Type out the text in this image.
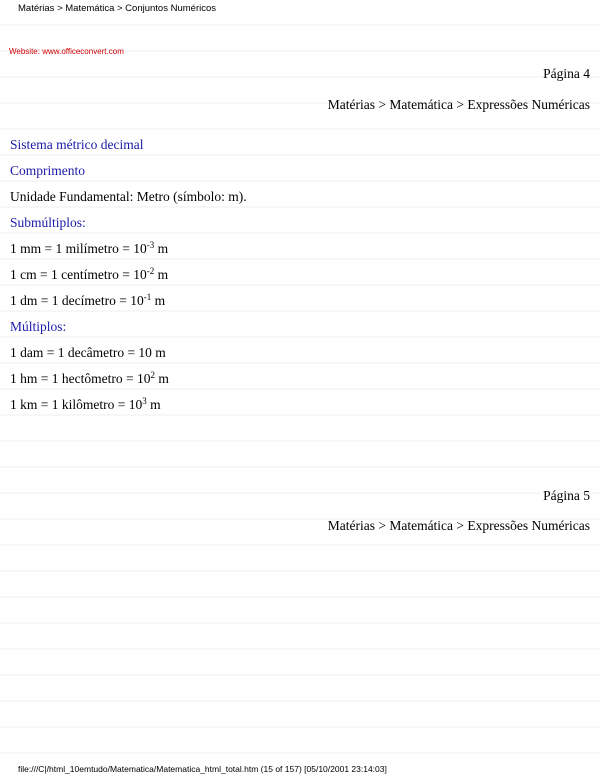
Matérias > Matemática > Conjuntos Numéricos
Website: www.officeconvert.com
Página 4
Matérias > Matemática > Expressões Numéricas
Sistema métrico decimal
Comprimento
Unidade Fundamental: Metro (símbolo: m).
Submúltiplos:
1 mm = 1 milímetro = $10^{-3}$ m
1 cm = 1 centímetro = $10^{-2}$ m
1 dm = 1 decímetro = $10^{-1}$ m
Múltiplos:
1 dam = 1 decâmetro = 10 m
1 hm = 1 hectômetro = $10^2$ m
1 km = 1 kilômetro = $10^3$ m
Página 5
Matérias > Matemática > Expressões Numéricas
file:///C|/html_10emtudo/Matematica/Matematica_html_total.htm (15 of 157) [05/10/2001 23:14:03]
